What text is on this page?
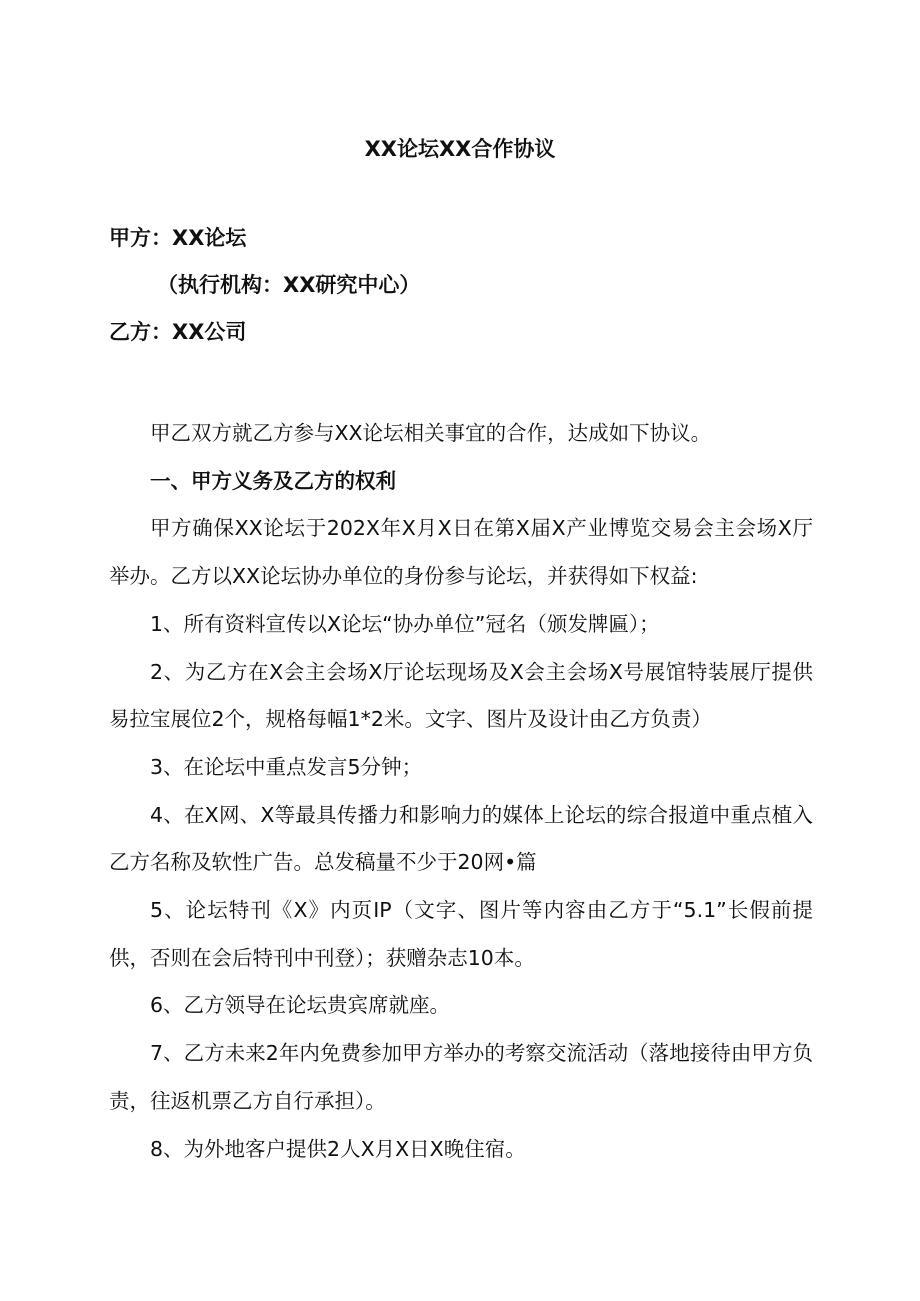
XX论坛XX合作协议
甲方：XX论坛
（执行机构：XX研究中心）
乙方：XX公司

甲乙双方就乙方参与XX论坛相关事宜的合作，达成如下协议。

一、甲方义务及乙方的权利

甲方确保XX论坛于202X年X月X日在第X届X产业博览交易会主会场X厅举办。乙方以XX论坛协办单位的身份参与论坛，并获得如下权益:

1、所有资料宣传以X论坛“协办单位”冠名（颁发牌匾）；

2、为乙方在X会主会场X厅论坛现场及X会主会场X号展馆特装展厅提供易拉宝展位2个，规格每幅1*2米。文字、图片及设计由乙方负责）

3、在论坛中重点发言5分钟；

4、在X网、X等最具传播力和影响力的媒体上论坛的综合报道中重点植入乙方名称及软性广告。总发稿量不少于20网•篇

5、论坛特刊《X》内页IP（文字、图片等内容由乙方于“5.1”长假前提供，否则在会后特刊中刊登）；获赠杂志10本。

6、乙方领导在论坛贵宾席就座。

7、乙方未来2年内免费参加甲方举办的考察交流活动（落地接待由甲方负责，往返机票乙方自行承担）。

8、为外地客户提供2人X月X日X晚住宿。
